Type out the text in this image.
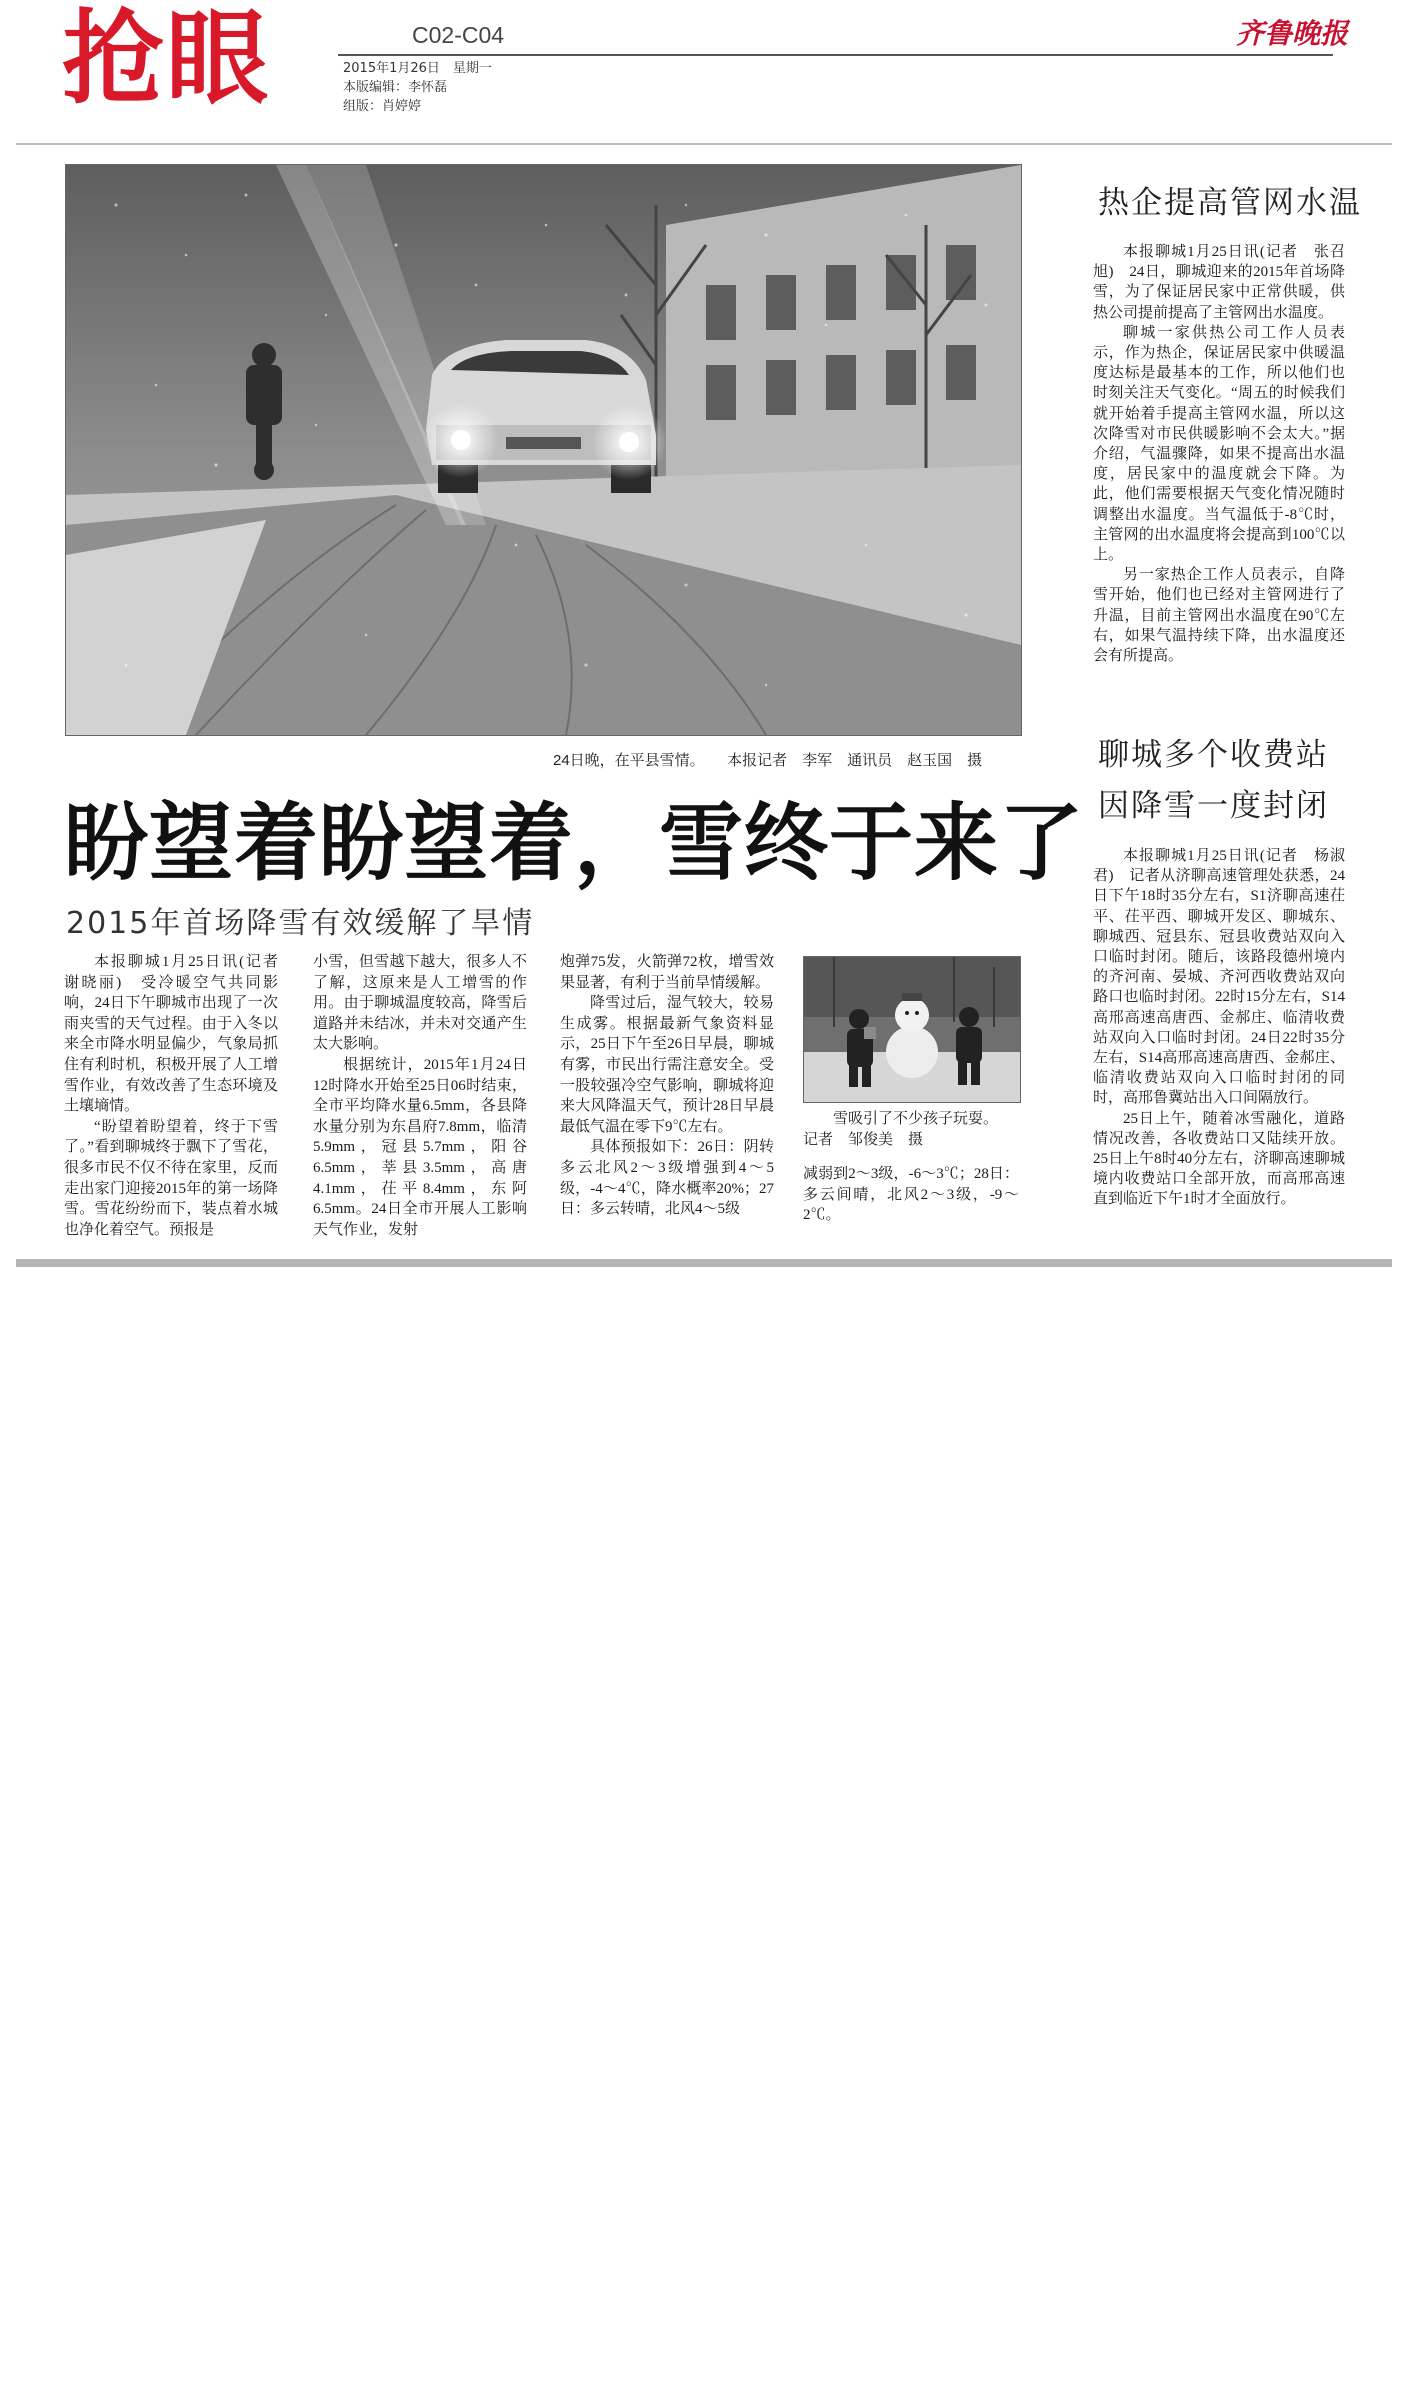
抢眼	C02-C04
2015年1月26日　星期一
本版编辑：李怀磊
组版：肖婷婷
齐鲁晚报
24日晚，在平县雪情。　　本报记者　李军　通讯员　赵玉国　摄
盼望着盼望着，雪终于来了
2015年首场降雪有效缓解了旱情

本报聊城1月25日讯(记者　谢晓丽)　受冷暖空气共同影响，24日下午聊城市出现了一次雨夹雪的天气过程。由于入冬以来全市降水明显偏少，气象局抓住有利时机，积极开展了人工增雪作业，有效改善了生态环境及土壤墒情。

“盼望着盼望着，终于下雪了。”看到聊城终于飘下了雪花，很多市民不仅不待在家里，反而走出家门迎接2015年的第一场降雪。雪花纷纷而下，装点着水城也净化着空气。预报是

小雪，但雪越下越大，很多人不了解，这原来是人工增雪的作用。由于聊城温度较高，降雪后道路并未结冰，并未对交通产生太大影响。

根据统计，2015年1月24日12时降水开始至25日06时结束，全市平均降水量6.5mm，各县降水量分别为东昌府7.8mm，临清5.9mm，冠县5.7mm，阳谷6.5mm，莘县3.5mm，高唐4.1mm，茌平8.4mm，东阿6.5mm。24日全市开展人工影响天气作业，发射

炮弹75发，火箭弹72枚，增雪效果显著，有利于当前旱情缓解。

降雪过后，湿气较大，较易生成雾。根据最新气象资料显示，25日下午至26日早晨，聊城有雾，市民出行需注意安全。受一股较强冷空气影响，聊城将迎来大风降温天气，预计28日早晨最低气温在零下9℃左右。

具体预报如下：26日：阴转多云北风2～3级增强到4～5级，-4～4℃，降水概率20%；27日：多云转晴，北风4～5级

雪吸引了不少孩子玩耍。　记者　邹俊美　摄

减弱到2～3级，-6～3℃；28日：多云间晴，北风2～3级，-9～2℃。

热企提高管网水温

本报聊城1月25日讯(记者　张召旭)　24日，聊城迎来的2015年首场降雪，为了保证居民家中正常供暖，供热公司提前提高了主管网出水温度。

聊城一家供热公司工作人员表示，作为热企，保证居民家中供暖温度达标是最基本的工作，所以他们也时刻关注天气变化。“周五的时候我们就开始着手提高主管网水温，所以这次降雪对市民供暖影响不会太大。”据介绍，气温骤降，如果不提高出水温度，居民家中的温度就会下降。为此，他们需要根据天气变化情况随时调整出水温度。当气温低于-8℃时，主管网的出水温度将会提高到100℃以上。

另一家热企工作人员表示，自降雪开始，他们也已经对主管网进行了升温，目前主管网出水温度在90℃左右，如果气温持续下降，出水温度还会有所提高。

聊城多个收费站
因降雪一度封闭

本报聊城1月25日讯(记者　杨淑君)　记者从济聊高速管理处获悉，24日下午18时35分左右，S1济聊高速茌平、茌平西、聊城开发区、聊城东、聊城西、冠县东、冠县收费站双向入口临时封闭。随后，该路段德州境内的齐河南、晏城、齐河西收费站双向路口也临时封闭。22时15分左右，S14高邢高速高唐西、金郝庄、临清收费站双向入口临时封闭。24日22时35分左右，S14高邢高速高唐西、金郝庄、临清收费站双向入口临时封闭的同时，高邢鲁冀站出入口间隔放行。

25日上午，随着冰雪融化，道路情况改善，各收费站口又陆续开放。25日上午8时40分左右，济聊高速聊城境内收费站口全部开放，而高邢高速直到临近下午1时才全面放行。
